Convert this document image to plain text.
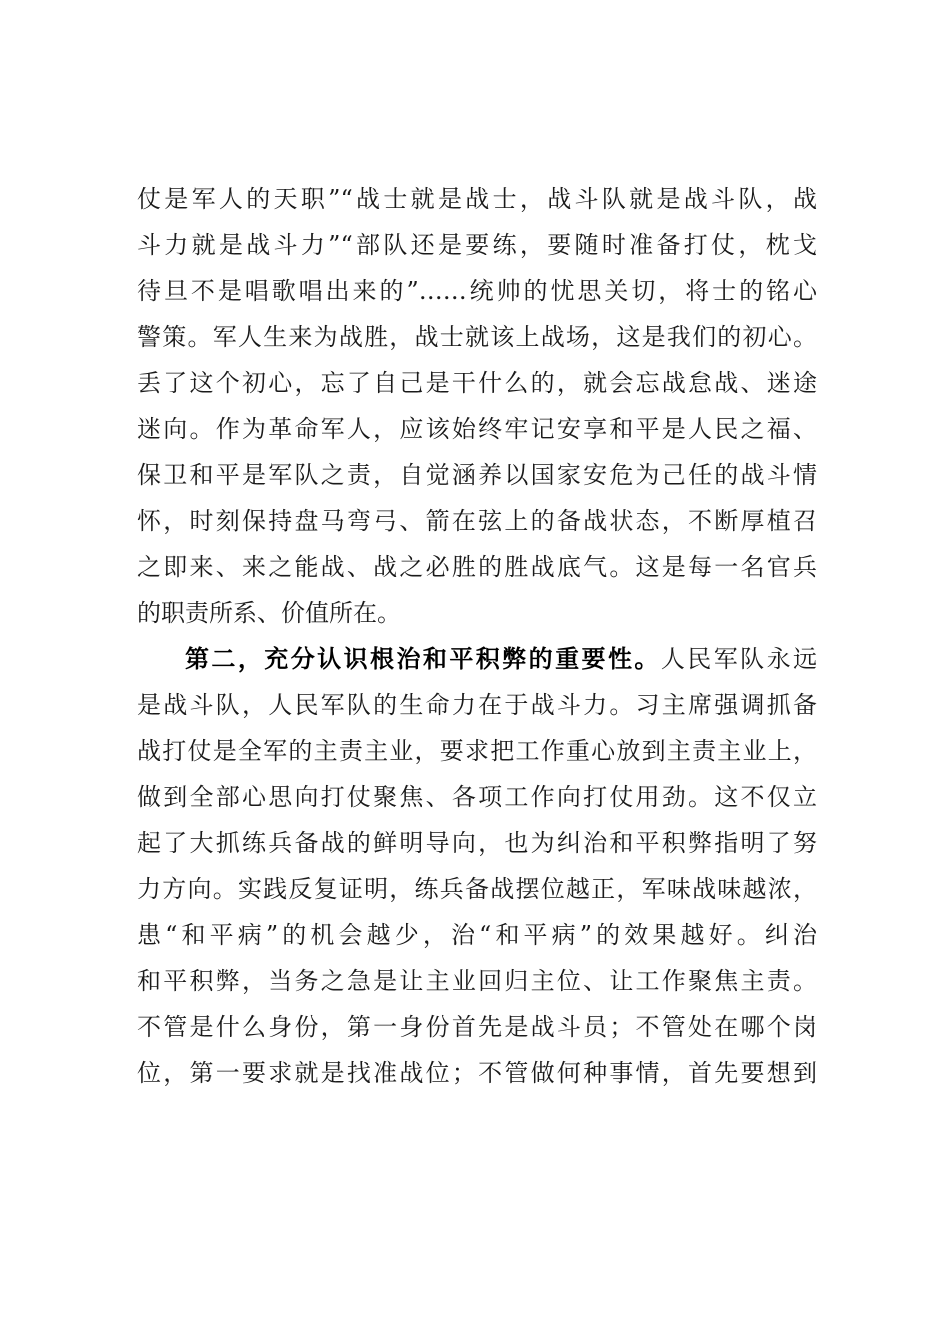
仗是军人的天职”“战士就是战士，战斗队就是战斗队，战
斗力就是战斗力”“部队还是要练，要随时准备打仗，枕戈
待旦不是唱歌唱出来的”……统帅的忧思关切，将士的铭心
警策。军人生来为战胜，战士就该上战场，这是我们的初心。
丢了这个初心，忘了自己是干什么的，就会忘战怠战、迷途
迷向。作为革命军人，应该始终牢记安享和平是人民之福、
保卫和平是军队之责，自觉涵养以国家安危为己任的战斗情
怀，时刻保持盘马弯弓、箭在弦上的备战状态，不断厚植召
之即来、来之能战、战之必胜的胜战底气。这是每一名官兵
的职责所系、价值所在。
第二，充分认识根治和平积弊的重要性。人民军队永远
是战斗队，人民军队的生命力在于战斗力。习主席强调抓备
战打仗是全军的主责主业，要求把工作重心放到主责主业上，
做到全部心思向打仗聚焦、各项工作向打仗用劲。这不仅立
起了大抓练兵备战的鲜明导向，也为纠治和平积弊指明了努
力方向。实践反复证明，练兵备战摆位越正，军味战味越浓，
患“和平病”的机会越少，治“和平病”的效果越好。纠治
和平积弊，当务之急是让主业回归主位、让工作聚焦主责。
不管是什么身份，第一身份首先是战斗员；不管处在哪个岗
位，第一要求就是找准战位；不管做何种事情，首先要想到
